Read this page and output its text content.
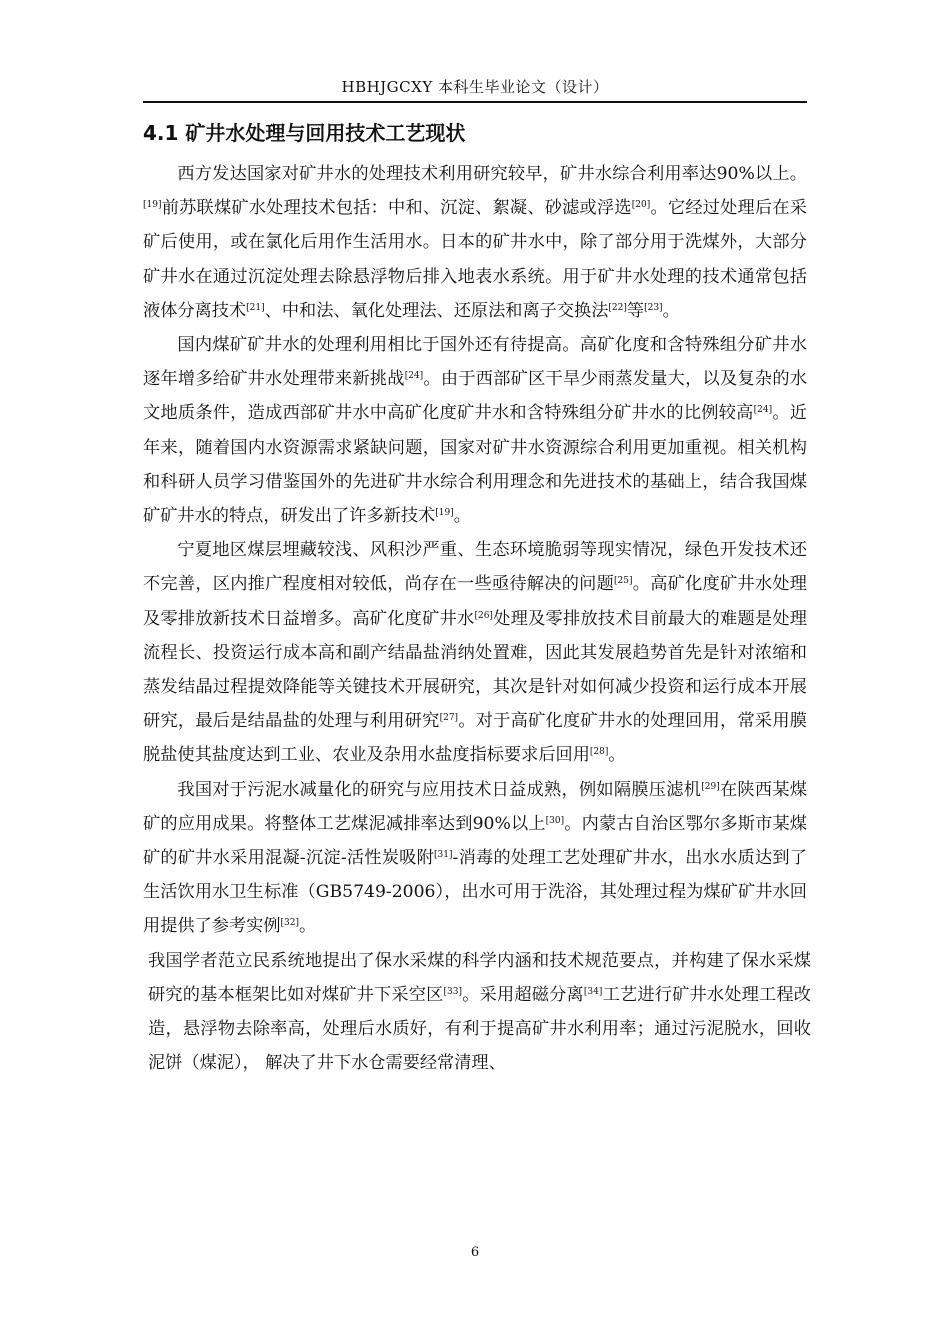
HBHJGCXY 本科生毕业论文（设计）
4.1 矿井水处理与回用技术工艺现状

西方发达国家对矿井水的处理技术利用研究较早，矿井水综合利用率达90%以上。[19]前苏联煤矿水处理技术包括：中和、沉淀、絮凝、砂滤或浮选[20]。它经过处理后在采矿后使用，或在氯化后用作生活用水。日本的矿井水中，除了部分用于洗煤外，大部分矿井水在通过沉淀处理去除悬浮物后排入地表水系统。用于矿井水处理的技术通常包括液体分离技术[21]、中和法、氧化处理法、还原法和离子交换法[22]等[23]。

国内煤矿矿井水的处理利用相比于国外还有待提高。高矿化度和含特殊组分矿井水逐年增多给矿井水处理带来新挑战[24]。由于西部矿区干旱少雨蒸发量大，以及复杂的水文地质条件，造成西部矿井水中高矿化度矿井水和含特殊组分矿井水的比例较高[24]。近年来，随着国内水资源需求紧缺问题，国家对矿井水资源综合利用更加重视。相关机构和科研人员学习借鉴国外的先进矿井水综合利用理念和先进技术的基础上，结合我国煤矿矿井水的特点，研发出了许多新技术[19]。

宁夏地区煤层埋藏较浅、风积沙严重、生态环境脆弱等现实情况，绿色开发技术还不完善，区内推广程度相对较低，尚存在一些亟待解决的问题[25]。高矿化度矿井水处理及零排放新技术日益增多。高矿化度矿井水[26]处理及零排放技术目前最大的难题是处理流程长、投资运行成本高和副产结晶盐消纳处置难，因此其发展趋势首先是针对浓缩和蒸发结晶过程提效降能等关键技术开展研究，其次是针对如何减少投资和运行成本开展研究，最后是结晶盐的处理与利用研究[27]。对于高矿化度矿井水的处理回用，常采用膜脱盐使其盐度达到工业、农业及杂用水盐度指标要求后回用[28]。

我国对于污泥水减量化的研究与应用技术日益成熟，例如隔膜压滤机[29]在陕西某煤矿的应用成果。将整体工艺煤泥减排率达到90%以上[30]。内蒙古自治区鄂尔多斯市某煤矿的矿井水采用混凝-沉淀-活性炭吸附[31]-消毒的处理工艺处理矿井水，出水水质达到了生活饮用水卫生标准（GB5749-2006），出水可用于洗浴，其处理过程为煤矿矿井水回用提供了参考实例[32]。

我国学者范立民系统地提出了保水采煤的科学内涵和技术规范要点，并构建了保水采煤研究的基本框架比如对煤矿井下采空区[33]。采用超磁分离[34]工艺进行矿井水处理工程改造，悬浮物去除率高，处理后水质好，有利于提高矿井水利用率；通过污泥脱水，回收泥饼（煤泥）， 解决了井下水仓需要经常清理、

6
